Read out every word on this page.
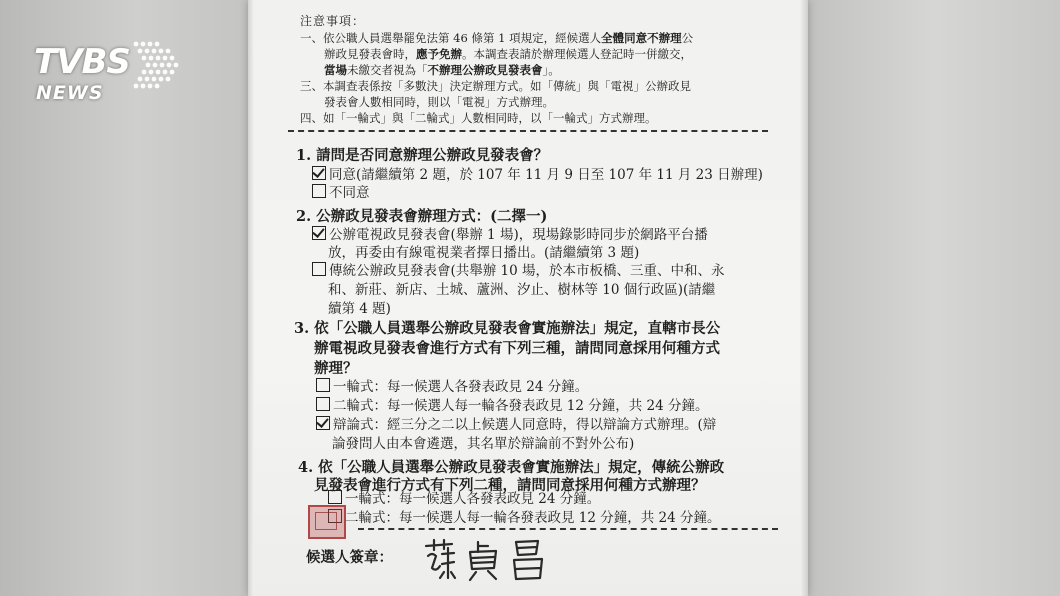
TVBS
NEWS
注意事項：
一、依公職人員選舉罷免法第 46 條第 1 項規定，經候選人全體同意不辦理公
辦政見發表會時，應予免辦。本調查表請於辦理候選人登記時一併繳交，
當場未繳交者視為「不辦理公辦政見發表會」。
三、本調查表係按「多數決」決定辦理方式。如「傳統」與「電視」公辦政見
發表會人數相同時，則以「電視」方式辦理。
四、如「一輪式」與「二輪式」人數相同時，以「一輪式」方式辦理。
1. 請問是否同意辦理公辦政見發表會？
同意(請繼續第 2 題，於 107 年 11 月 9 日至 107 年 11 月 23 日辦理)
不同意
2. 公辦政見發表會辦理方式：(二擇一)
公辦電視政見發表會(舉辦 1 場)，現場錄影時同步於網路平台播
放，再委由有線電視業者擇日播出。(請繼續第 3 題)
傳統公辦政見發表會(共舉辦 10 場，於本市板橋、三重、中和、永
和、新莊、新店、土城、蘆洲、汐止、樹林等 10 個行政區)(請繼
續第 4 題)
3. 依「公職人員選舉公辦政見發表會實施辦法」規定，直轄市長公
辦電視政見發表會進行方式有下列三種，請問同意採用何種方式
辦理？
一輪式：每一候選人各發表政見 24 分鐘。
二輪式：每一候選人每一輪各發表政見 12 分鐘，共 24 分鐘。
辯論式：經三分之二以上候選人同意時，得以辯論方式辦理。(辯
論發問人由本會遴選，其名單於辯論前不對外公布)
4. 依「公職人員選舉公辦政見發表會實施辦法」規定，傳統公辦政
見發表會進行方式有下列二種，請問同意採用何種方式辦理？
一輪式：每一候選人各發表政見 24 分鐘。
二輪式：每一候選人每一輪各發表政見 12 分鐘，共 24 分鐘。
候選人簽章：
